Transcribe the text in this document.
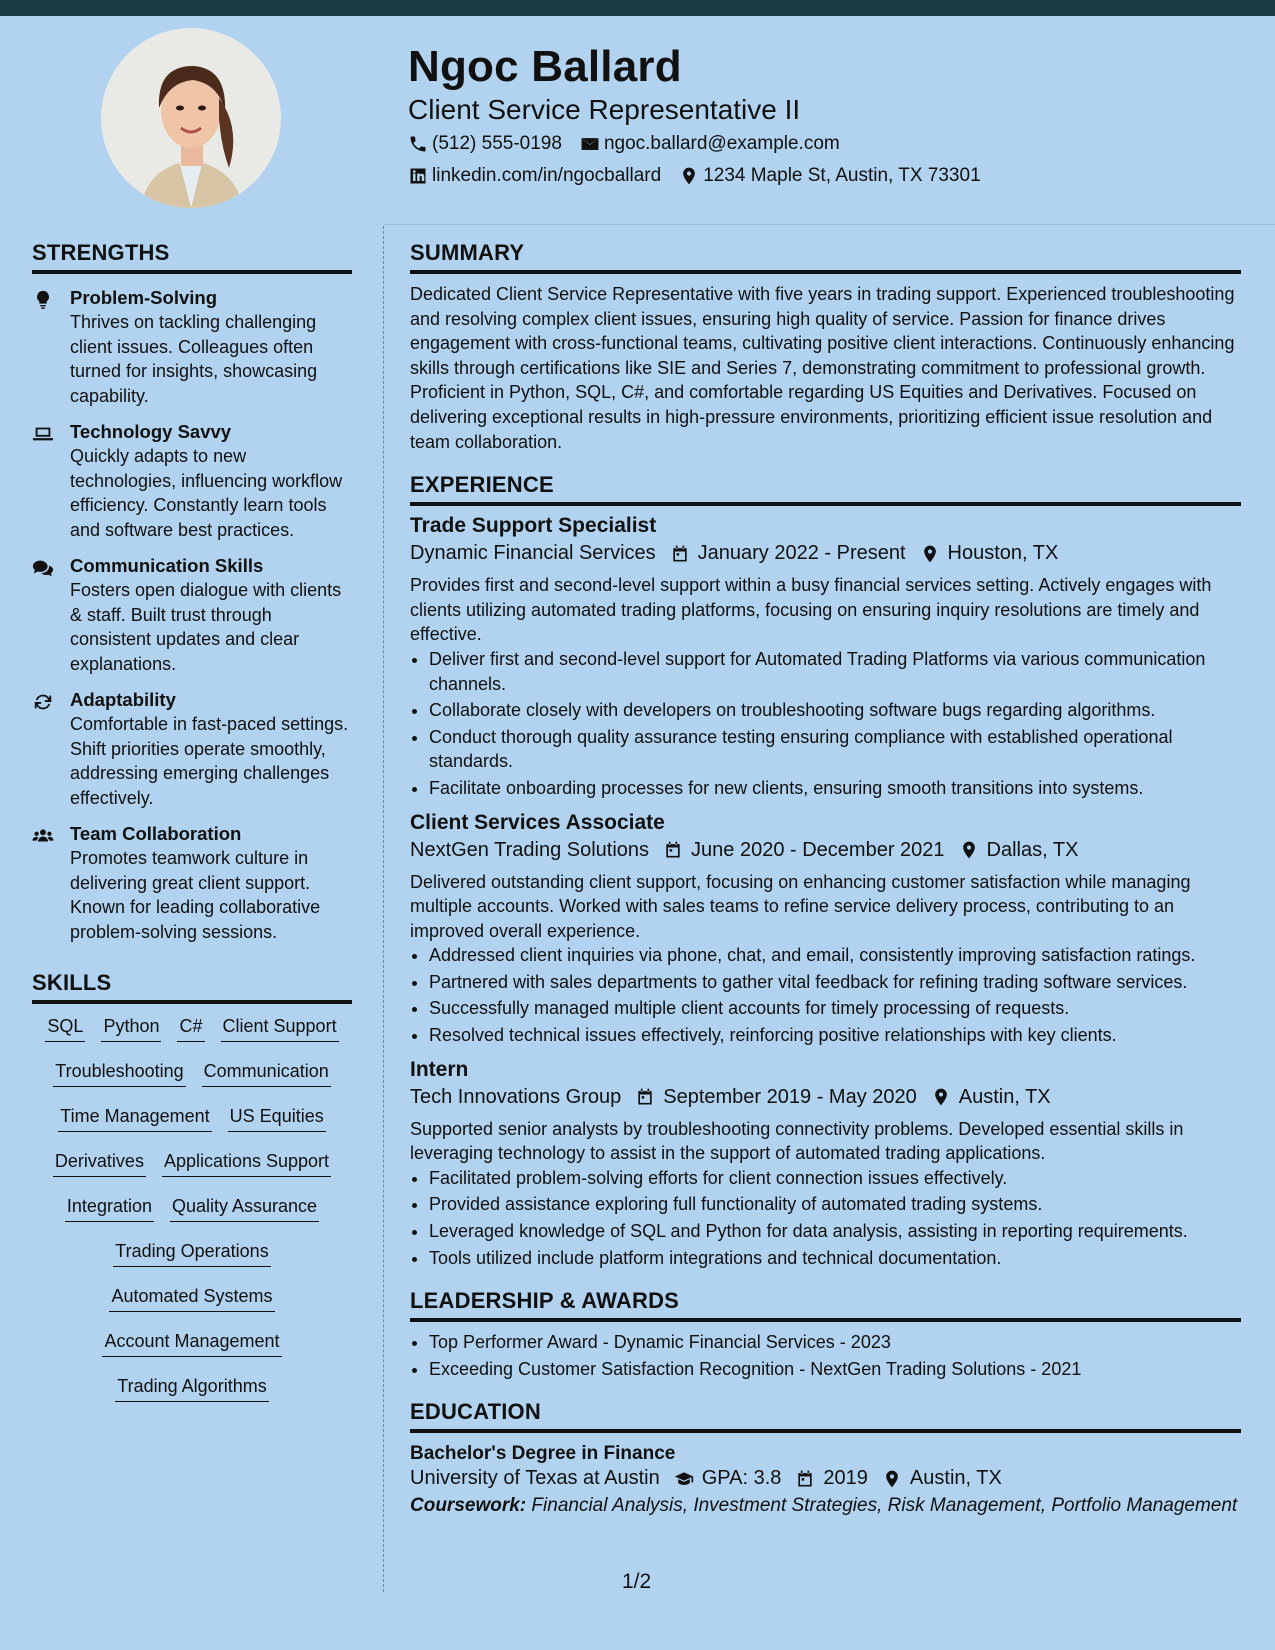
Ngoc Ballard
Client Service Representative II
(512) 555-0198 ngoc.ballard@example.com
linkedin.com/in/ngocballard 1234 Maple St, Austin, TX 73301
STRENGTHS
Problem-Solving
Thrives on tackling challenging client issues. Colleagues often turned for insights, showcasing capability.
Technology Savvy
Quickly adapts to new technologies, influencing workflow efficiency. Constantly learn tools and software best practices.
Communication Skills
Fosters open dialogue with clients & staff. Built trust through consistent updates and clear explanations.
Adaptability
Comfortable in fast-paced settings. Shift priorities operate smoothly, addressing emerging challenges effectively.
Team Collaboration
Promotes teamwork culture in delivering great client support. Known for leading collaborative problem-solving sessions.
SKILLS
SQL Python C# Client Support
Troubleshooting Communication
Time Management US Equities
Derivatives Applications Support
Integration Quality Assurance
Trading Operations
Automated Systems
Account Management
Trading Algorithms
SUMMARY

Dedicated Client Service Representative with five years in trading support. Experienced troubleshooting and resolving complex client issues, ensuring high quality of service. Passion for finance drives engagement with cross-functional teams, cultivating positive client interactions. Continuously enhancing skills through certifications like SIE and Series 7, demonstrating commitment to professional growth. Proficient in Python, SQL, C#, and comfortable regarding US Equities and Derivatives. Focused on delivering exceptional results in high-pressure environments, prioritizing efficient issue resolution and team collaboration.

EXPERIENCE
Trade Support Specialist
Dynamic Financial Services January 2022 - Present Houston, TX

Provides first and second-level support within a busy financial services setting. Actively engages with clients utilizing automated trading platforms, focusing on ensuring inquiry resolutions are timely and effective.

• Deliver first and second-level support for Automated Trading Platforms via various communication channels.
• Collaborate closely with developers on troubleshooting software bugs regarding algorithms.
• Conduct thorough quality assurance testing ensuring compliance with established operational standards.
• Facilitate onboarding processes for new clients, ensuring smooth transitions into systems.
Client Services Associate
NextGen Trading Solutions June 2020 - December 2021 Dallas, TX

Delivered outstanding client support, focusing on enhancing customer satisfaction while managing multiple accounts. Worked with sales teams to refine service delivery process, contributing to an improved overall experience.

• Addressed client inquiries via phone, chat, and email, consistently improving satisfaction ratings.
• Partnered with sales departments to gather vital feedback for refining trading software services.
• Successfully managed multiple client accounts for timely processing of requests.
• Resolved technical issues effectively, reinforcing positive relationships with key clients.
Intern
Tech Innovations Group September 2019 - May 2020 Austin, TX

Supported senior analysts by troubleshooting connectivity problems. Developed essential skills in leveraging technology to assist in the support of automated trading applications.

• Facilitated problem-solving efforts for client connection issues effectively.
• Provided assistance exploring full functionality of automated trading systems.
• Leveraged knowledge of SQL and Python for data analysis, assisting in reporting requirements.
• Tools utilized include platform integrations and technical documentation.
LEADERSHIP & AWARDS
• Top Performer Award - Dynamic Financial Services - 2023
• Exceeding Customer Satisfaction Recognition - NextGen Trading Solutions - 2021
EDUCATION
Bachelor's Degree in Finance
University of Texas at Austin GPA: 3.8 2019 Austin, TX

Coursework: Financial Analysis, Investment Strategies, Risk Management, Portfolio Management

1/2
